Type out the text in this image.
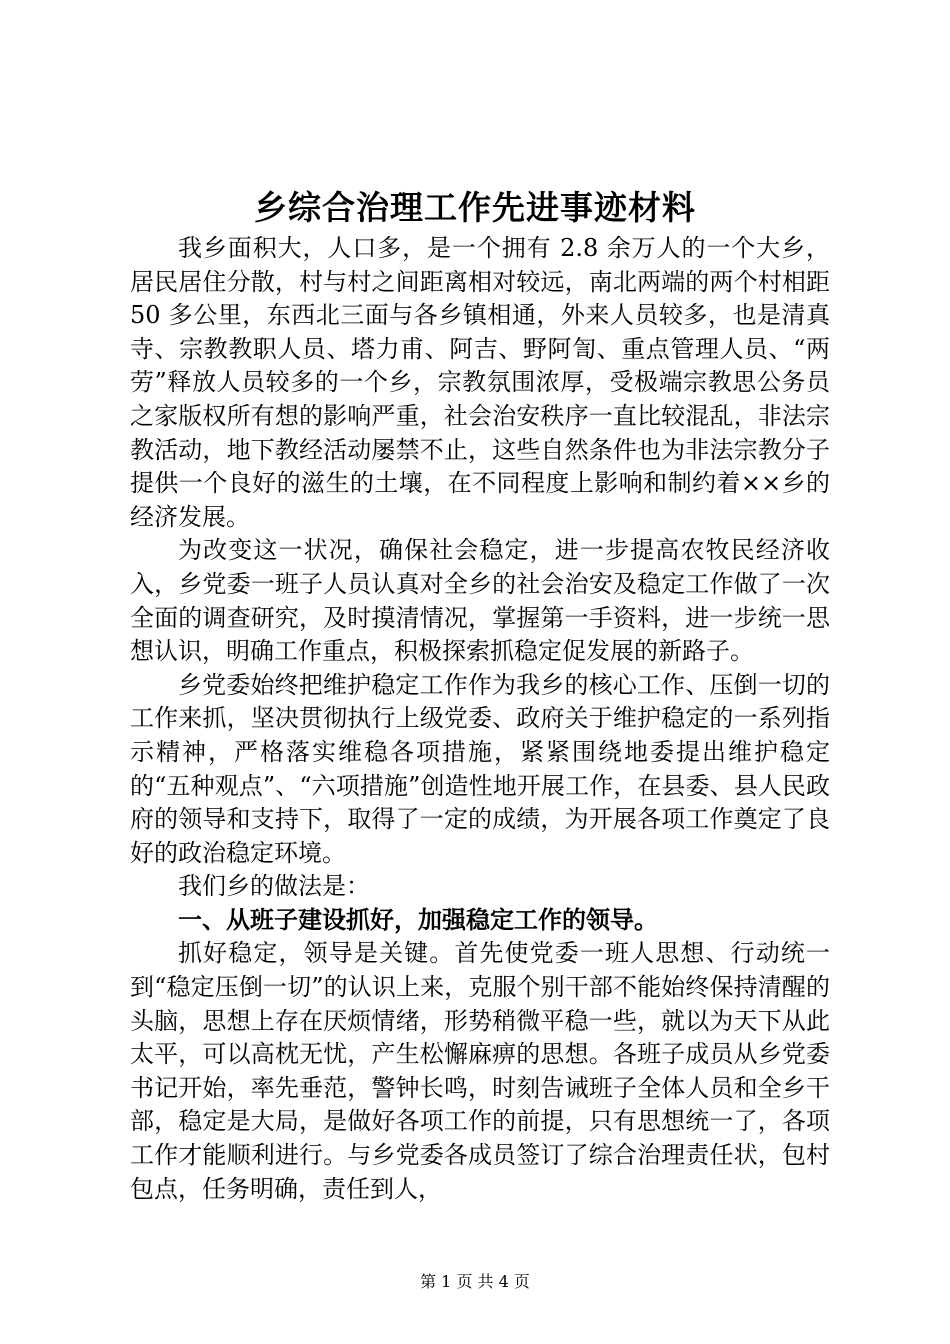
乡综合治理工作先进事迹材料

我乡面积大，人口多，是一个拥有 2.8 余万人的一个大乡，居民居住分散，村与村之间距离相对较远，南北两端的两个村相距 50 多公里，东西北三面与各乡镇相通，外来人员较多，也是清真寺、宗教教职人员、塔力甫、阿吉、野阿訇、重点管理人员、“两劳”释放人员较多的一个乡，宗教氛围浓厚，受极端宗教思公务员之家版权所有想的影响严重，社会治安秩序一直比较混乱，非法宗教活动，地下教经活动屡禁不止，这些自然条件也为非法宗教分子提供一个良好的滋生的土壤，在不同程度上影响和制约着××乡的经济发展。

为改变这一状况，确保社会稳定，进一步提高农牧民经济收入，乡党委一班子人员认真对全乡的社会治安及稳定工作做了一次全面的调查研究，及时摸清情况，掌握第一手资料，进一步统一思想认识，明确工作重点，积极探索抓稳定促发展的新路子。

乡党委始终把维护稳定工作作为我乡的核心工作、压倒一切的工作来抓，坚决贯彻执行上级党委、政府关于维护稳定的一系列指示精神，严格落实维稳各项措施，紧紧围绕地委提出维护稳定的“五种观点”、“六项措施”创造性地开展工作，在县委、县人民政府的领导和支持下，取得了一定的成绩，为开展各项工作奠定了良好的政治稳定环境。

我们乡的做法是：

一、从班子建设抓好，加强稳定工作的领导。

抓好稳定，领导是关键。首先使党委一班人思想、行动统一到“稳定压倒一切”的认识上来，克服个别干部不能始终保持清醒的头脑，思想上存在厌烦情绪，形势稍微平稳一些，就以为天下从此太平，可以高枕无忧，产生松懈麻痹的思想。各班子成员从乡党委书记开始，率先垂范，警钟长鸣，时刻告诫班子全体人员和全乡干部，稳定是大局，是做好各项工作的前提，只有思想统一了，各项工作才能顺利进行。与乡党委各成员签订了综合治理责任状，包村包点，任务明确，责任到人，

第 1 页 共 4 页
